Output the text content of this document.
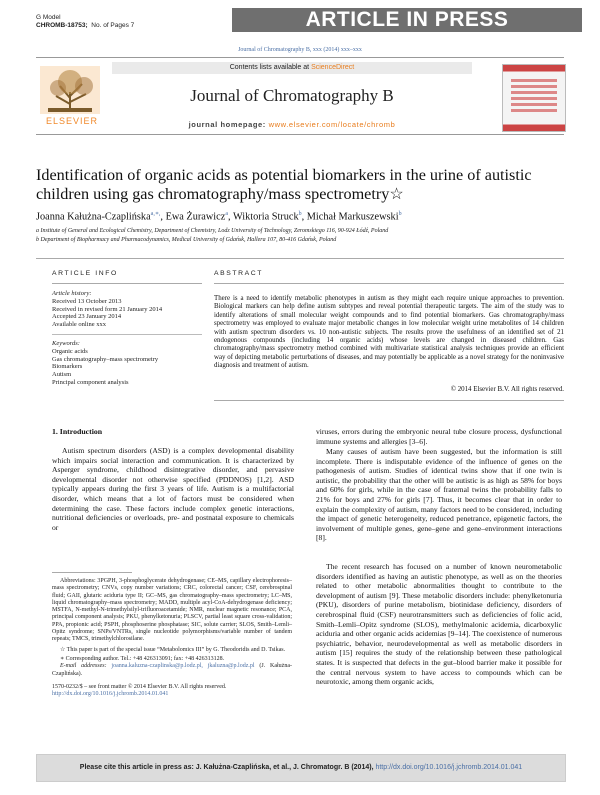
G Model
CHROMB-18753; No. of Pages 7	ARTICLE IN PRESS
Journal of Chromatography B, xxx (2014) xxx–xxx
ELSEVIER
Contents lists available at ScienceDirect
Journal of Chromatography B
journal homepage: www.elsevier.com/locate/chromb
Identification of organic acids as potential biomarkers in the urine of autistic children using gas chromatography/mass spectrometry☆
Joanna Kałużna-Czaplińska$^{a,∗,}$, Ewa Żurawicz$^a$, Wiktoria Struck$^b$, Michał Markuszewski$^b$
a Institute of General and Ecological Chemistry, Department of Chemistry, Lodz University of Technology, Zeromskiego 116, 90-924 Łódź, Poland
b Department of Biopharmacy and Pharmacodynamics, Medical University of Gdańsk, Hallera 107, 80-416 Gdańsk, Poland
ARTICLE INFO	ABSTRACT
Article history:
Received 13 October 2013
Received in revised form 21 January 2014
Accepted 23 January 2014
Available online xxx
Keywords:
Organic acids
Gas chromatography–mass spectrometry
Biomarkers
Autism
Principal component analysis
There is a need to identify metabolic phenotypes in autism as they might each require unique approaches to prevention. Biological markers can help define autism subtypes and reveal potential therapeutic targets. The aim of the study was to identify alterations of small molecular weight compounds and to find potential biomarkers. Gas chromatography/mass spectrometry was employed to evaluate major metabolic changes in low molecular weight urine metabolites of 14 children with autism spectrum disorders vs. 10 non-autistic subjects. The results prove the usefulness of an identified set of 21 endogenous compounds (including 14 organic acids) whose levels are changed in diseased children. Gas chromatography/mass spectrometry method combined with multivariate statistical analysis techniques provide an efficient way of depicting metabolic perturbations of diseases, and may potentially be applicable as a novel strategy for the noninvasive diagnosis and treatment of autism.
© 2014 Elsevier B.V. All rights reserved.
1. Introduction
Autism spectrum disorders (ASD) is a complex developmental disability which impairs social interaction and communication. It is characterized by Asperger syndrome, childhood disintegrative disorder, and pervasive developmental disorder not otherwise specified (PDDNOS) [1,2]. ASD typically appears during the first 3 years of life. Autism is a multifactorial disorder, which means that a lot of factors must be considered when determining the case. These factors include complex genetic interactions, nutritional deficiencies or overloads, pre- and postnatal exposure to chemicals or
viruses, errors during the embryonic neural tube closure process, dysfunctional immune systems and allergies [3–6].
Many causes of autism have been suggested, but the information is still incomplete. There is indisputable evidence of the influence of genes on the pathogenesis of autism. Studies of identical twins show that if one twin is autistic, the probability that the other will be autistic is as high as 58% for boys and 60% for girls, while in the case of fraternal twins the probability falls to 21% for boys and 27% for girls [7]. Thus, it becomes clear that in order to explain the complexity of autism, many factors need to be considered, including the impact of genetic heterogeneity, reduced penetrance, epigenetic factors, the involvement of multiple genes, gene–gene and gene–environment interactions [8].
The recent research has focused on a number of known neurometabolic disorders identified as having an autistic phenotype, as well as on the theories related to other metabolic abnormalities thought to contribute to the development of autism [9]. These metabolic disorders include: phenylketonuria (PKU), disorders of purine metabolism, biotinidase deficiency, disorders of cerebrospinal fluid (CSF) neurotransmitters such as deficiencies of folic acid, Smith–Lemli–Opitz syndrome (SLOS), methylmalonic acidemia, dicarboxylic aciduria and other organic acids acidemias [9–14]. The coexistence of numerous psychiatric, behavior, neurodevelopmental as well as metabolic disorders in autism [15] requires the study of the relationship between these pathological states. It is suspected that defects in the gut–blood barrier make it possible for the central nervous system to have access to compounds which can be neurotoxic, among them organic acids,
Abbreviations: 3PGPH, 3-phosphoglycerate dehydrogenase; CE–MS, capillary electrophoresis–mass spectrometry; CNVs, copy number variations; CRC, colorectal cancer; CSF, cerebrospinal fluid; GAII, glutaric aciduria type II; GC–MS, gas chromatography–mass spectrometry; LC–MS, liquid chromatography–mass spectrometry; MADD, multiple acyl-CoA-dehydrogenase deficiency; MSTFA, N-methyl-N-trimethylsilyl-trifluoroacetamide; NMR, nuclear magnetic resonance; PCA, principal component analysis; PKU, phenylketonuria; PLSCV, partial least square cross-validation; PPA, propionic acid; PSPH, phosphoserine phosphatase; SIC, solute carrier; SLOS, Smith–Lemli–Opitz syndrome; SNPs/VNTRs, single nucleotide polymorphisms/variable number of tandem repeats; TMCS, trimethylchlorosilane.
☆ This paper is part of the special issue “Metabolomics III” by G. Theodoridis and D. Tsikas.
∗ Corresponding author. Tel.: +48 426313091; fax: +48 426313128.
E-mail addresses: joanna.kaluzna-czaplinska@p.lodz.pl, jkaluzna@p.lodz.pl (J. Kałużna-Czaplińska).
1570-0232/$ – see front matter © 2014 Elsevier B.V. All rights reserved.
http://dx.doi.org/10.1016/j.jchromb.2014.01.041
Please cite this article in press as: J. Kałużna-Czaplińska, et al., J. Chromatogr. B (2014), http://dx.doi.org/10.1016/j.jchromb.2014.01.041
